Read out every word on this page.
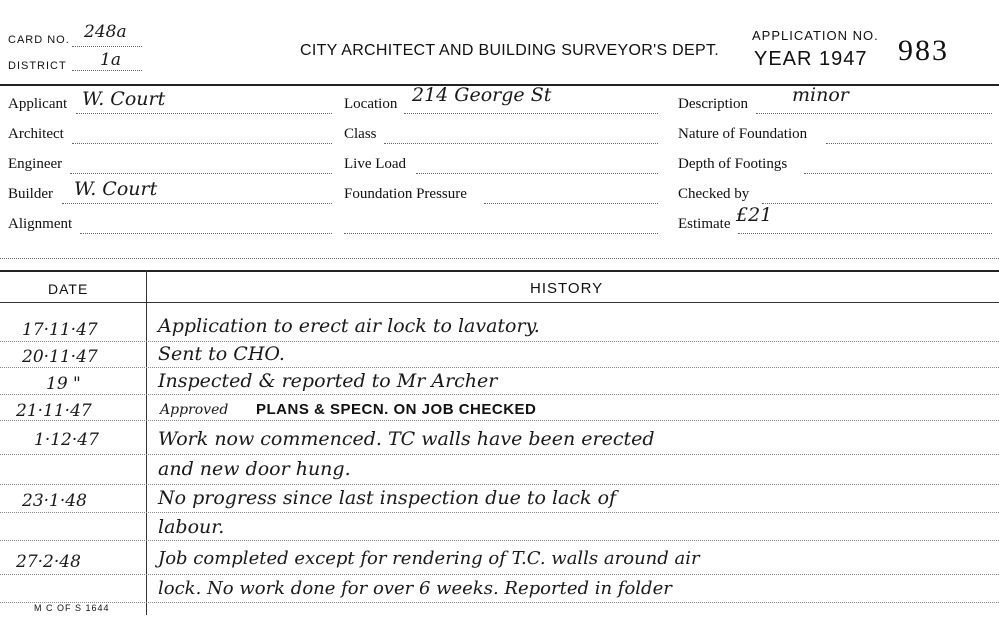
CARD NO. 248a
DISTRICT 1a	CITY ARCHITECT AND BUILDING SURVEYOR'S DEPT.
APPLICATION NO.
YEAR 1947 983
Applicant W. Court
Architect
Engineer
Builder W. Court
Alignment
Location 214 George St
Class
Live Load
Foundation Pressure
Description minor
Nature of Foundation
Depth of Footings
Checked by
Estimate £21
DATE	HISTORY
17·11·47	Application to erect air lock to lavatory.
20·11·47	Sent to CHO.
19 "	Inspected & reported to Mr Archer
21·11·47	Approved PLANS & SPECN. ON JOB CHECKED
1·12·47	Work now commenced. TC walls have been erected
and new door hung.
23·1·48	No progress since last inspection due to lack of
labour.
27·2·48	Job completed except for rendering of T.C. walls around air
lock. No work done for over 6 weeks. Reported in folder
M C OF S 1644
